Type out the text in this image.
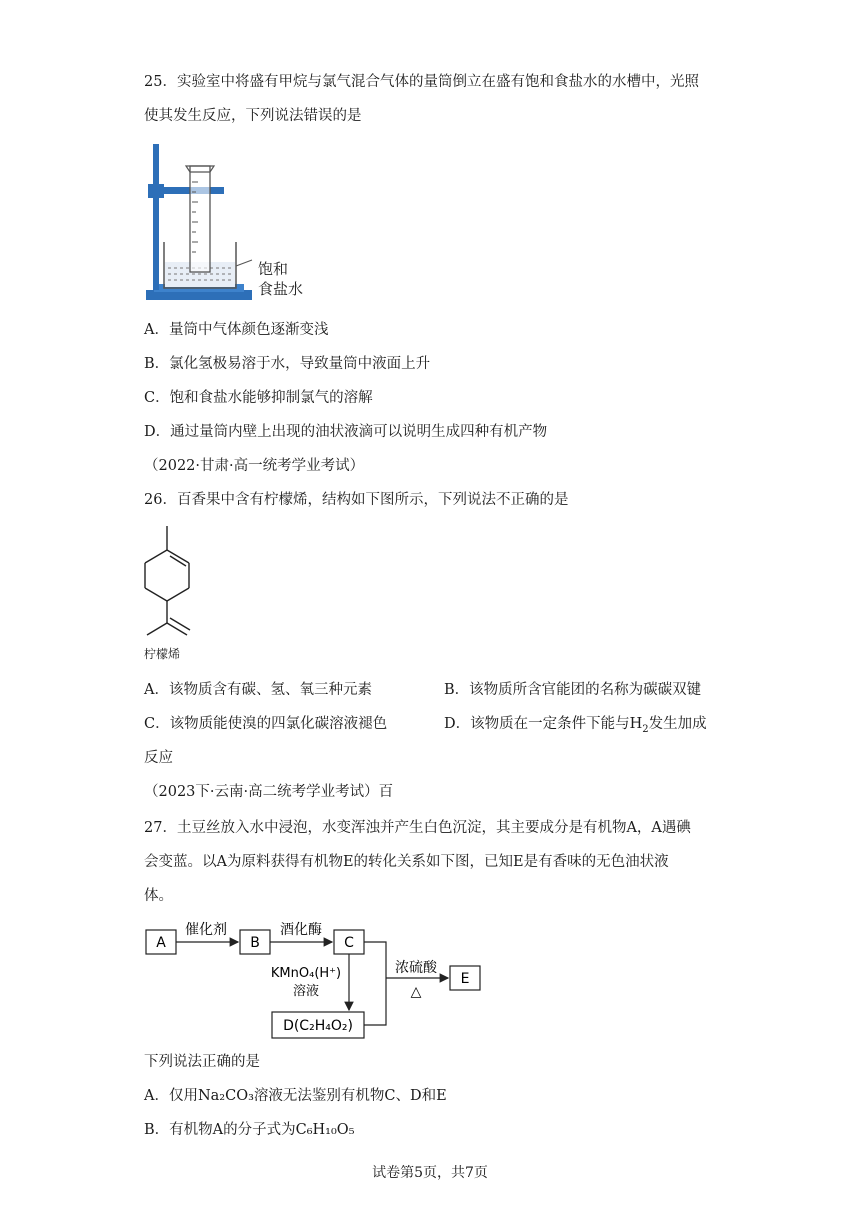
25．实验室中将盛有甲烷与氯气混合气体的量筒倒立在盛有饱和食盐水的水槽中，光照
使其发生反应，下列说法错误的是
饱和
食盐水
A．量筒中气体颜色逐渐变浅
B．氯化氢极易溶于水，导致量筒中液面上升
C．饱和食盐水能够抑制氯气的溶解
D．通过量筒内壁上出现的油状液滴可以说明生成四种有机产物
（2022·甘肃·高一统考学业考试）
26．百香果中含有柠檬烯，结构如下图所示，下列说法不正确的是
柠檬烯
A．该物质含有碳、氢、氧三种元素	B．该物质所含官能团的名称为碳碳双键
C．该物质能使溴的四氯化碳溶液褪色	D．该物质在一定条件下能与$H_2$发生加成
反应
（2023下·云南·高二统考学业考试）百
27．土豆丝放入水中浸泡，水变浑浊并产生白色沉淀，其主要成分是有机物A，A遇碘
会变蓝。以A为原料获得有机物E的转化关系如下图，已知E是有香味的无色油状液
体。
A	B	C
E
D(C₂H₄O₂)
催化剂	酒化酶
KMnO₄(H⁺)
溶液
浓硫酸
△
下列说法正确的是
A．仅用Na₂CO₃溶液无法鉴别有机物C、D和E
B．有机物A的分子式为C₆H₁₀O₅
试卷第5页，共7页
